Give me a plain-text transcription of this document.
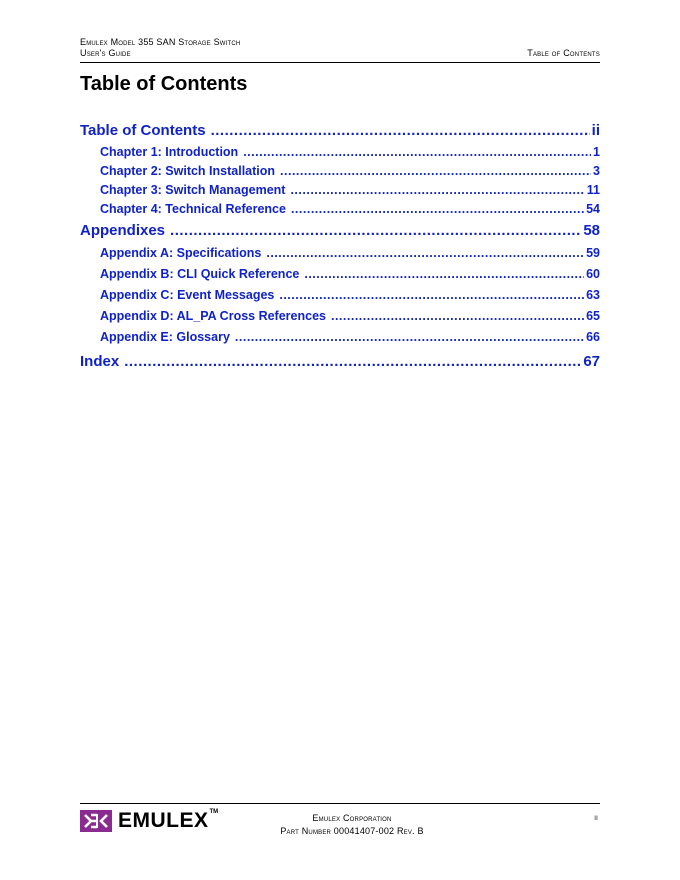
Emulex Model 355 SAN Storage Switch
User's Guide	Table of Contents
Table of Contents
Table of Contents .....	ii
Chapter 1: Introduction .....	1
Chapter 2: Switch Installation .....	3
Chapter 3: Switch Management .....	11
Chapter 4: Technical Reference .....	54
Appendixes .....	58
Appendix A: Specifications .....	59
Appendix B: CLI Quick Reference .....	60
Appendix C: Event Messages .....	63
Appendix D: AL_PA Cross References .....	65
Appendix E: Glossary .....	66
Index .....	67
EMULEX TM
Emulex Corporation
Part Number 00041407-002 Rev. B
ii
